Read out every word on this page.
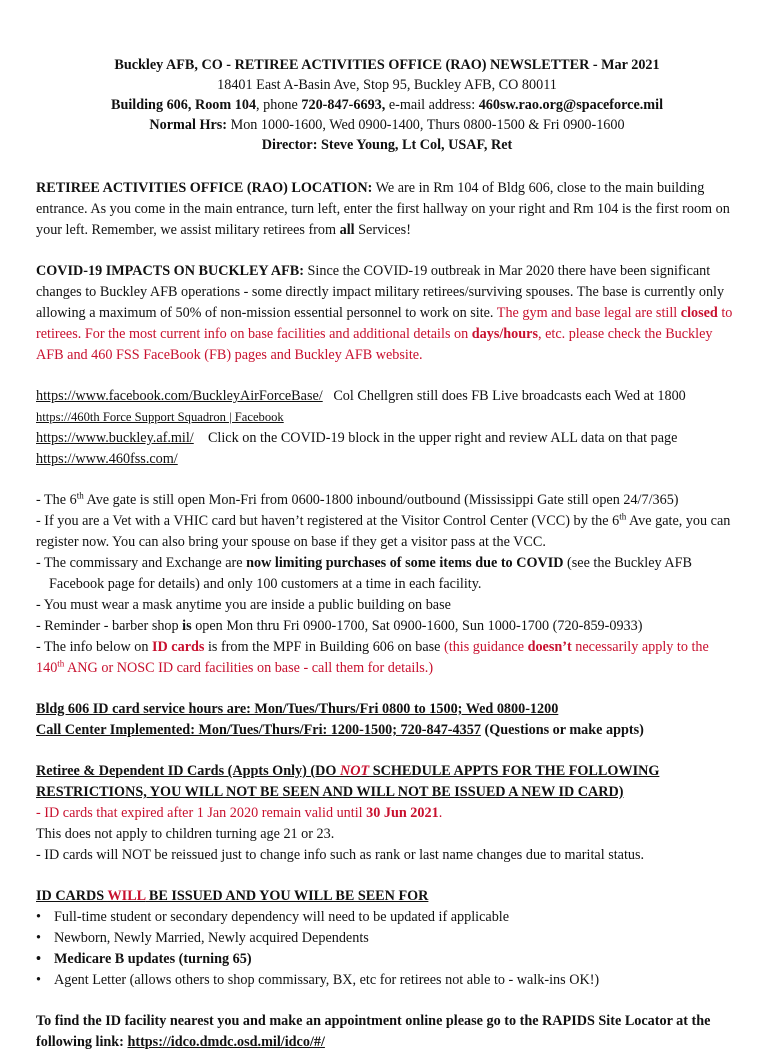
Buckley AFB, CO - RETIREE ACTIVITIES OFFICE (RAO) NEWSLETTER - Mar 2021
18401 East A-Basin Ave, Stop 95, Buckley AFB, CO 80011
Building 606, Room 104, phone 720-847-6693, e-mail address: 460sw.rao.org@spaceforce.mil
Normal Hrs: Mon 1000-1600, Wed 0900-1400, Thurs 0800-1500 & Fri 0900-1600
Director: Steve Young, Lt Col, USAF, Ret
RETIREE ACTIVITIES OFFICE (RAO) LOCATION: We are in Rm 104 of Bldg 606, close to the main building entrance. As you come in the main entrance, turn left, enter the first hallway on your right and Rm 104 is the first room on your left. Remember, we assist military retirees from all Services!
COVID-19 IMPACTS ON BUCKLEY AFB: Since the COVID-19 outbreak in Mar 2020 there have been significant changes to Buckley AFB operations - some directly impact military retirees/surviving spouses. The base is currently only allowing a maximum of 50% of non-mission essential personnel to work on site. The gym and base legal are still closed to retirees. For the most current info on base facilities and additional details on days/hours, etc. please check the Buckley AFB and 460 FSS FaceBook (FB) pages and Buckley AFB website.
https://www.facebook.com/BuckleyAirForceBase/   Col Chellgren still does FB Live broadcasts each Wed at 1800
https://460th Force Support Squadron | Facebook
https://www.buckley.af.mil/    Click on the COVID-19 block in the upper right and review ALL data on that page
https://www.460fss.com/
- The 6th Ave gate is still open Mon-Fri from 0600-1800 inbound/outbound (Mississippi Gate still open 24/7/365)
- If you are a Vet with a VHIC card but haven’t registered at the Visitor Control Center (VCC) by the 6th Ave gate, you can register now. You can also bring your spouse on base if they get a visitor pass at the VCC.
- The commissary and Exchange are now limiting purchases of some items due to COVID (see the Buckley AFB Facebook page for details) and only 100 customers at a time in each facility.
- You must wear a mask anytime you are inside a public building on base
- Reminder - barber shop is open Mon thru Fri 0900-1700, Sat 0900-1600, Sun 1000-1700 (720-859-0933)
- The info below on ID cards is from the MPF in Building 606 on base (this guidance doesn’t necessarily apply to the 140th ANG or NOSC ID card facilities on base - call them for details.)
Bldg 606 ID card service hours are: Mon/Tues/Thurs/Fri 0800 to 1500; Wed 0800-1200
Call Center Implemented: Mon/Tues/Thurs/Fri: 1200-1500; 720-847-4357 (Questions or make appts)
Retiree & Dependent ID Cards (Appts Only) (DO NOT SCHEDULE APPTS FOR THE FOLLOWING RESTRICTIONS, YOU WILL NOT BE SEEN AND WILL NOT BE ISSUED A NEW ID CARD)
- ID cards that expired after 1 Jan 2020 remain valid until 30 Jun 2021.
This does not apply to children turning age 21 or 23.
- ID cards will NOT be reissued just to change info such as rank or last name changes due to marital status.
ID CARDS WILL BE ISSUED AND YOU WILL BE SEEN FOR
• Full-time student or secondary dependency will need to be updated if applicable
• Newborn, Newly Married, Newly acquired Dependents
• Medicare B updates (turning 65)
• Agent Letter (allows others to shop commissary, BX, etc for retirees not able to - walk-ins OK!)
To find the ID facility nearest you and make an appointment online please go to the RAPIDS Site Locator at the following link: https://idco.dmdc.osd.mil/idco/#/
